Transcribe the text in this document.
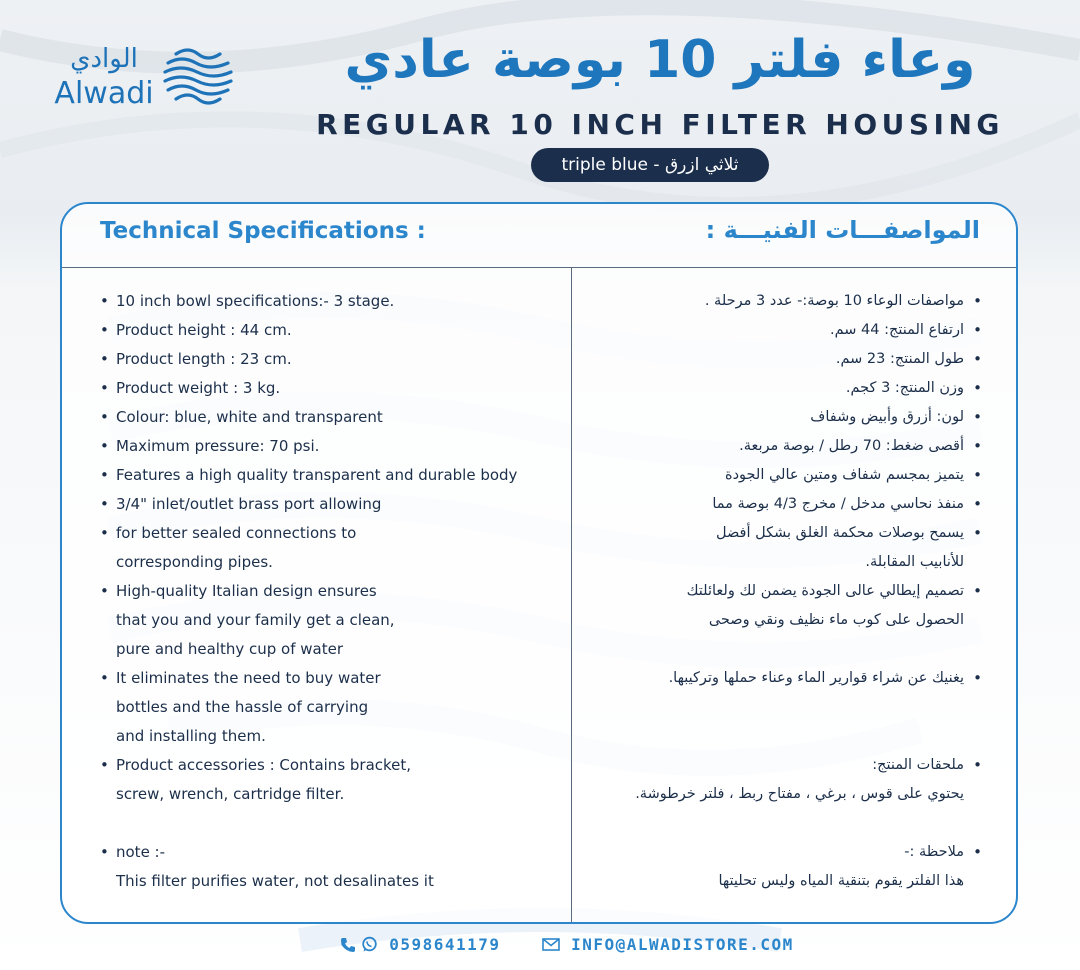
الوادي
Alwadi
وعاء فلتر 10 بوصة عادي
REGULAR 10 INCH FILTER HOUSING
triple blue - ثلاثي ازرق
Technical Specifications :	المواصفـــات الفنيـــة :
• 10 inch bowl specifications:- 3 stage.
• Product height : 44 cm.
• Product length : 23 cm.
• Product weight : 3 kg.
• Colour: blue, white and transparent
• Maximum pressure: 70 psi.
• Features a high quality transparent and durable body
• 3/4" inlet/outlet brass port allowing
• for better sealed connections to
corresponding pipes.
• High-quality Italian design ensures
that you and your family get a clean,
pure and healthy cup of water
• It eliminates the need to buy water
bottles and the hassle of carrying
and installing them.
• Product accessories : Contains bracket,
screw, wrench, cartridge filter.
• note :-
This filter purifies water, not desalinates it
•
مواصفات الوعاء 10 بوصة:- عدد 3 مرحلة .
•
ارتفاع المنتج: 44 سم.
•
طول المنتج: 23 سم.
•
وزن المنتج: 3 كجم.
•
لون: أزرق وأبيض وشفاف
•
أقصى ضغط: 70 رطل / بوصة مربعة.
•
يتميز بمجسم شفاف ومتين عالي الجودة
•
منفذ نحاسي مدخل / مخرج 4/3 بوصة مما
•
يسمح بوصلات محكمة الغلق بشكل أفضل
للأنابيب المقابلة.
•
تصميم إيطالي عالى الجودة يضمن لك ولعائلتك
الحصول على كوب ماء نظيف ونقي وصحى
•
يغنيك عن شراء قوارير الماء وعناء حملها وتركيبها.
•
ملحقات المنتج:
يحتوي على قوس ، برغي ، مفتاح ربط ، فلتر خرطوشة.
•
ملاحظة :-
هذا الفلتر يقوم بتنقية المياه وليس تحليتها
0598641179	INFO@ALWADISTORE.COM
